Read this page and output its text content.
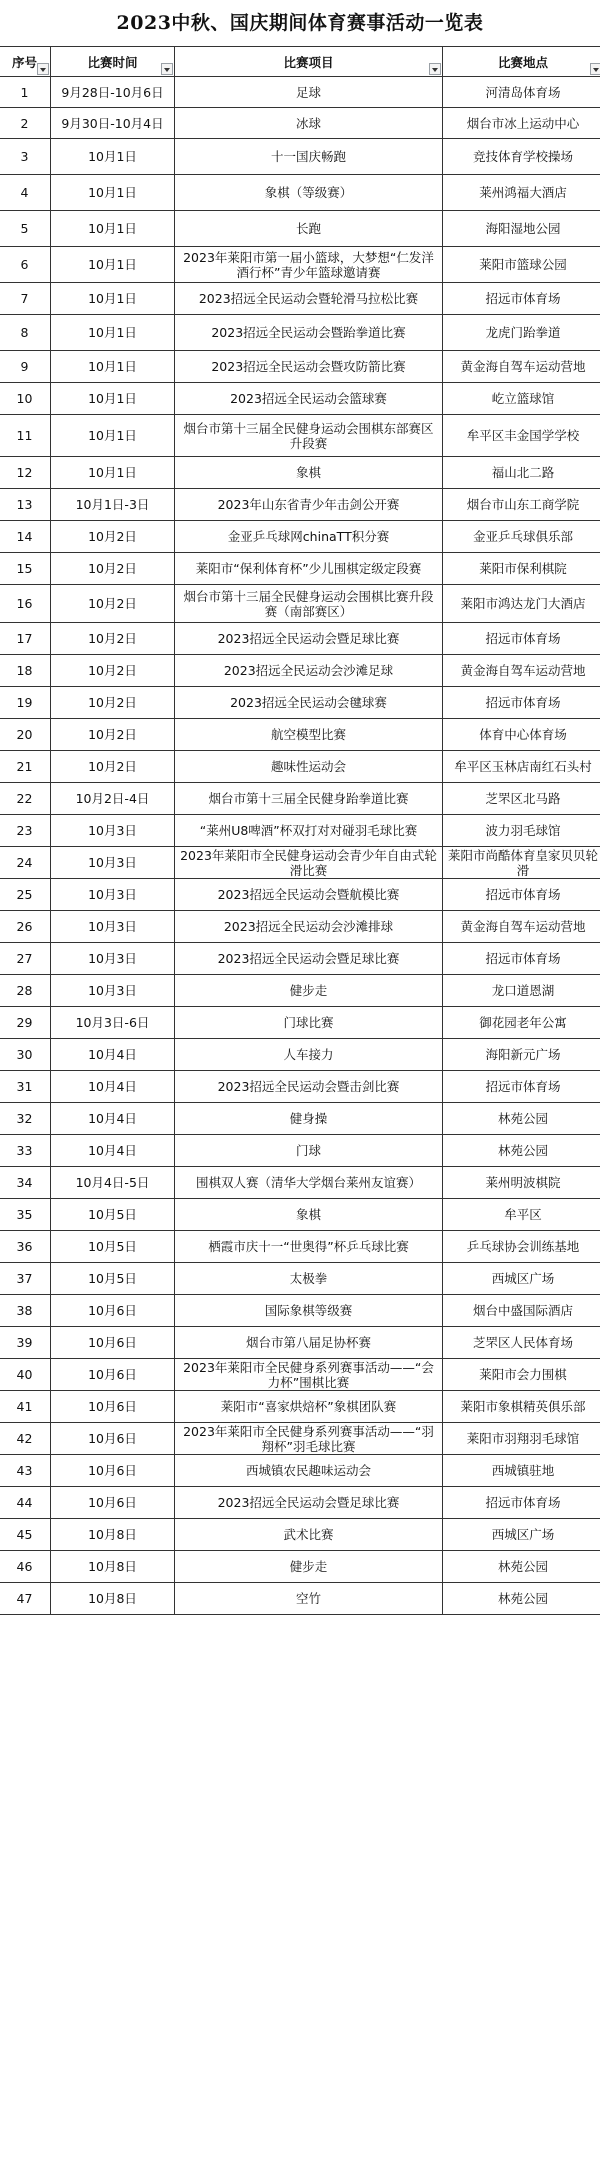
2023中秋、国庆期间体育赛事活动一览表
序号	比赛时间	比赛项目	比赛地点

1	9月28日-10月6日	足球	河清岛体育场
2	9月30日-10月4日	冰球	烟台市冰上运动中心
3	10月1日	十一国庆畅跑	竞技体育学校操场
4	10月1日	象棋（等级赛）	莱州鸿福大酒店
5	10月1日	长跑	海阳湿地公园
6	10月1日	2023年莱阳市第一届小篮球，大梦想“仁发洋酒行杯”青少年篮球邀请赛	莱阳市篮球公园
7	10月1日	2023招远全民运动会暨轮滑马拉松比赛	招远市体育场
8	10月1日	2023招远全民运动会暨跆拳道比赛	龙虎门跆拳道
9	10月1日	2023招远全民运动会暨攻防箭比赛	黄金海自驾车运动营地
10	10月1日	2023招远全民运动会篮球赛	屹立篮球馆
11	10月1日	烟台市第十三届全民健身运动会围棋东部赛区升段赛	牟平区丰金国学学校
12	10月1日	象棋	福山北二路
13	10月1日-3日	2023年山东省青少年击剑公开赛	烟台市山东工商学院
14	10月2日	金亚乒乓球网chinaTT积分赛	金亚乒乓球俱乐部
15	10月2日	莱阳市“保利体育杯”少儿围棋定级定段赛	莱阳市保利棋院
16	10月2日	烟台市第十三届全民健身运动会围棋比赛升段赛（南部赛区）	莱阳市鸿达龙门大酒店
17	10月2日	2023招远全民运动会暨足球比赛	招远市体育场
18	10月2日	2023招远全民运动会沙滩足球	黄金海自驾车运动营地
19	10月2日	2023招远全民运动会毽球赛	招远市体育场
20	10月2日	航空模型比赛	体育中心体育场
21	10月2日	趣味性运动会	牟平区玉林店南红石头村
22	10月2日-4日	烟台市第十三届全民健身跆拳道比赛	芝罘区北马路
23	10月3日	“莱州U8啤酒”杯双打对对碰羽毛球比赛	波力羽毛球馆
24	10月3日	2023年莱阳市全民健身运动会青少年自由式轮滑比赛	莱阳市尚酷体育皇家贝贝轮滑
25	10月3日	2023招远全民运动会暨航模比赛	招远市体育场
26	10月3日	2023招远全民运动会沙滩排球	黄金海自驾车运动营地
27	10月3日	2023招远全民运动会暨足球比赛	招远市体育场
28	10月3日	健步走	龙口道恩湖
29	10月3日-6日	门球比赛	御花园老年公寓
30	10月4日	人车接力	海阳新元广场
31	10月4日	2023招远全民运动会暨击剑比赛	招远市体育场
32	10月4日	健身操	林苑公园
33	10月4日	门球	林苑公园
34	10月4日-5日	围棋双人赛（清华大学烟台莱州友谊赛）	莱州明波棋院
35	10月5日	象棋	牟平区
36	10月5日	栖霞市庆十一“世奥得”杯乒乓球比赛	乒乓球协会训练基地
37	10月5日	太极拳	西城区广场
38	10月6日	国际象棋等级赛	烟台中盛国际酒店
39	10月6日	烟台市第八届足协杯赛	芝罘区人民体育场
40	10月6日	2023年莱阳市全民健身系列赛事活动——“会力杯”围棋比赛	莱阳市会力围棋
41	10月6日	莱阳市“喜家烘焙杯”象棋团队赛	莱阳市象棋精英俱乐部
42	10月6日	2023年莱阳市全民健身系列赛事活动——“羽翔杯”羽毛球比赛	莱阳市羽翔羽毛球馆
43	10月6日	西城镇农民趣味运动会	西城镇驻地
44	10月6日	2023招远全民运动会暨足球比赛	招远市体育场
45	10月8日	武术比赛	西城区广场
46	10月8日	健步走	林苑公园
47	10月8日	空竹	林苑公园
